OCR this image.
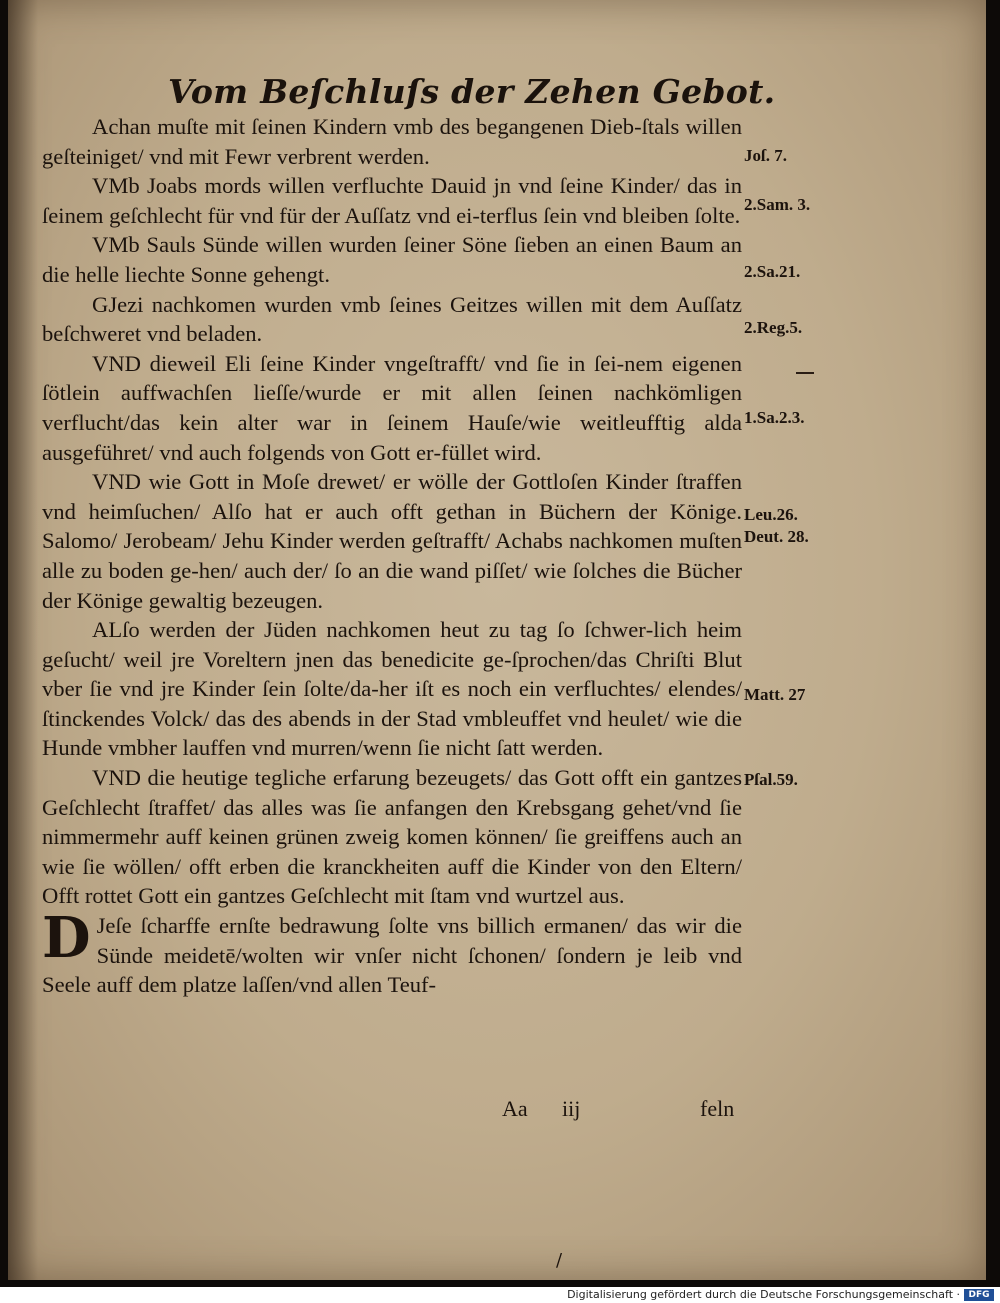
Vom Beſchluſs der Zehen Gebot.

Achan muſte mit ſeinen Kindern vmb des begangenen Dieb‑ſtals willen geſteiniget/ vnd mit Fewr verbrent werden.

VMb Joabs mords willen verfluchte Dauid jn vnd ſeine Kinder/ das in ſeinem geſchlecht für vnd für der Auſſatz vnd ei‑terflus ſein vnd bleiben ſolte.

VMb Sauls Sünde willen wurden ſeiner Söne ſieben an einen Baum an die helle liechte Sonne gehengt.

GJezi nachkomen wurden vmb ſeines Geitzes willen mit dem Auſſatz beſchweret vnd beladen.

VND dieweil Eli ſeine Kinder vngeſtrafft/ vnd ſie in ſei‑nem eigenen ſötlein auffwachſen lieſſe/wurde er mit allen ſeinen nachkömligen verflucht/das kein alter war in ſeinem Hauſe/wie weitleufftig alda ausgeführet/ vnd auch folgends von Gott er‑füllet wird.

VND wie Gott in Moſe drewet/ er wölle der Gottloſen Kinder ſtraffen vnd heimſuchen/ Alſo hat er auch offt gethan in Büchern der Könige. Salomo/ Jerobeam/ Jehu Kinder werden geſtrafft/ Achabs nachkomen muſten alle zu boden ge‑hen/ auch der/ ſo an die wand piſſet/ wie ſolches die Bücher der Könige gewaltig bezeugen.

ALſo werden der Jüden nachkomen heut zu tag ſo ſchwer‑lich heim geſucht/ weil jre Voreltern jnen das benedicite ge‑ſprochen/das Chriſti Blut vber ſie vnd jre Kinder ſein ſolte/da‑her iſt es noch ein verfluchtes/ elendes/ ſtinckendes Volck/ das des abends in der Stad vmbleuffet vnd heulet/ wie die Hunde vmbher lauffen vnd murren/wenn ſie nicht ſatt werden.

VND die heutige tegliche erfarung bezeugets/ das Gott offt ein gantzes Geſchlecht ſtraffet/ das alles was ſie anfangen den Krebsgang gehet/vnd ſie nimmermehr auff keinen grünen zweig komen können/ ſie greiffens auch an wie ſie wöllen/ offt erben die kranckheiten auff die Kinder von den Eltern/ Offt rottet Gott ein gantzes Geſchlecht mit ſtam vnd wurtzel aus.

D Jeſe ſcharffe ernſte bedrawung ſolte vns billich ermanen/ das wir die Sünde meidetē/wolten wir vnſer nicht ſchonen/ ſondern je leib vnd Seele auff dem platze laſſen/vnd allen Teuf‑

Joſ. 7.
2.Sam. 3.
2.Sa.21.
2.Reg.5.
1.Sa.2.3.
Leu.26.
Deut. 28.
Matt. 27
Pſal.59.
Aa iij	feln
/
Digitalisierung gefördert durch die Deutsche Forschungsgemeinschaft · DFG
